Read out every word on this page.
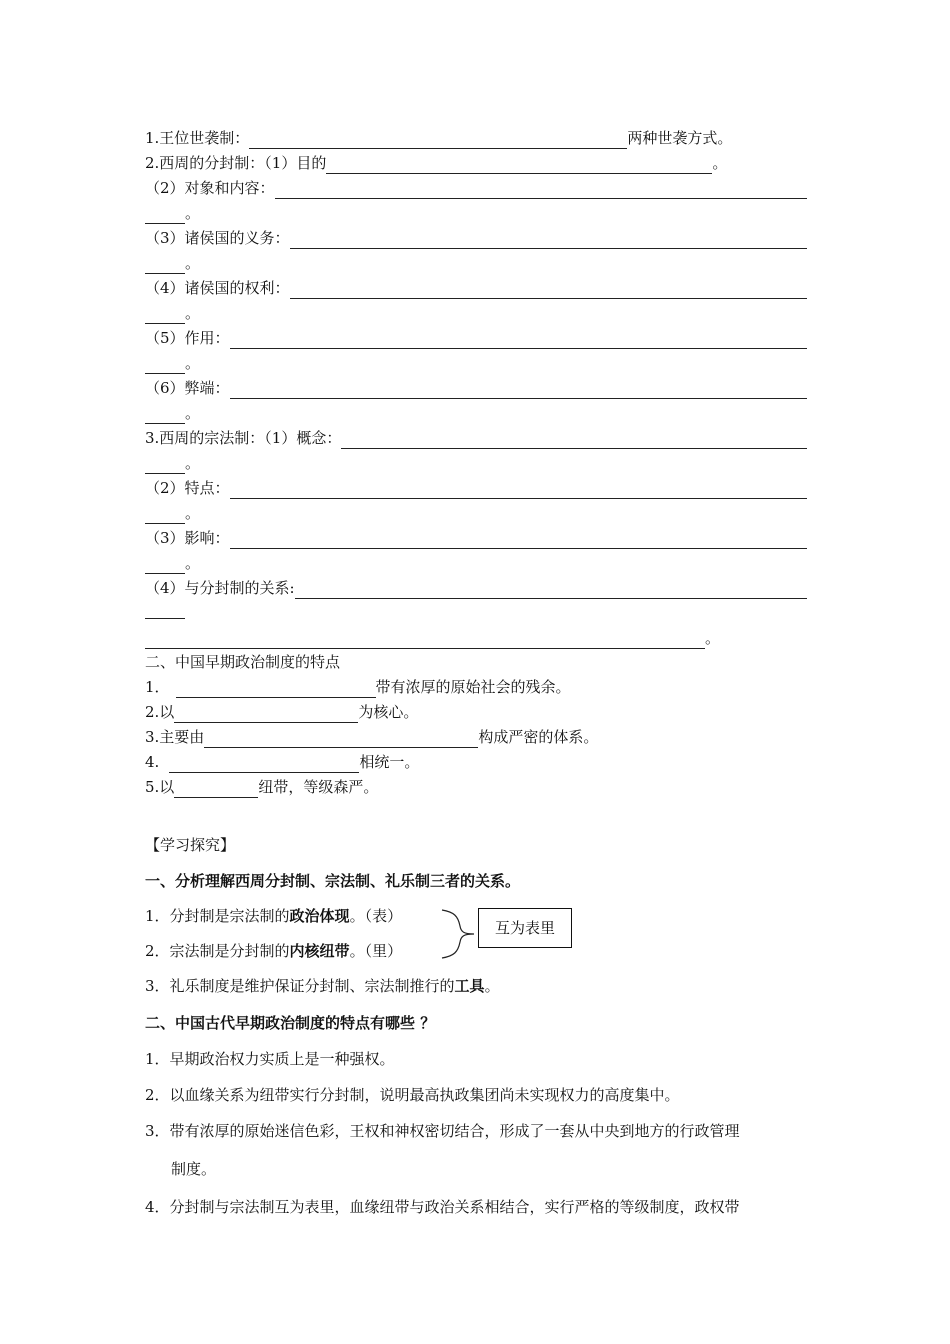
1.王位世袭制：	两种世袭方式。
2.西周的分封制：（1）目的	。
（2）对象和内容：
。
（3）诸侯国的义务：
。
（4）诸侯国的权利：
。
（5）作用：
。
（6）弊端：
。
3.西周的宗法制：（1）概念：
。
（2）特点：
。
（3）影响：
。
（4）与分封制的关系:
。
二、中国早期政治制度的特点
1．	带有浓厚的原始社会的残余。
2.以	为核心。
3.主要由	构成严密的体系。
4.	相统一。
5.以	纽带，等级森严。
【学习探究】
一、分析理解西周分封制、宗法制、礼乐制三者的关系。
1．分封制是宗法制的政治体现。（表）
2．宗法制是分封制的内核纽带。（里）
互为表里
3．礼乐制度是维护保证分封制、宗法制推行的工具。
二、中国古代早期政治制度的特点有哪些 ？
1．早期政治权力实质上是一种强权。
2．以血缘关系为纽带实行分封制，说明最高执政集团尚未实现权力的高度集中。
3．带有浓厚的原始迷信色彩，王权和神权密切结合，形成了一套从中央到地方的行政管理
制度。
4．分封制与宗法制互为表里，血缘纽带与政治关系相结合，实行严格的等级制度，政权带
